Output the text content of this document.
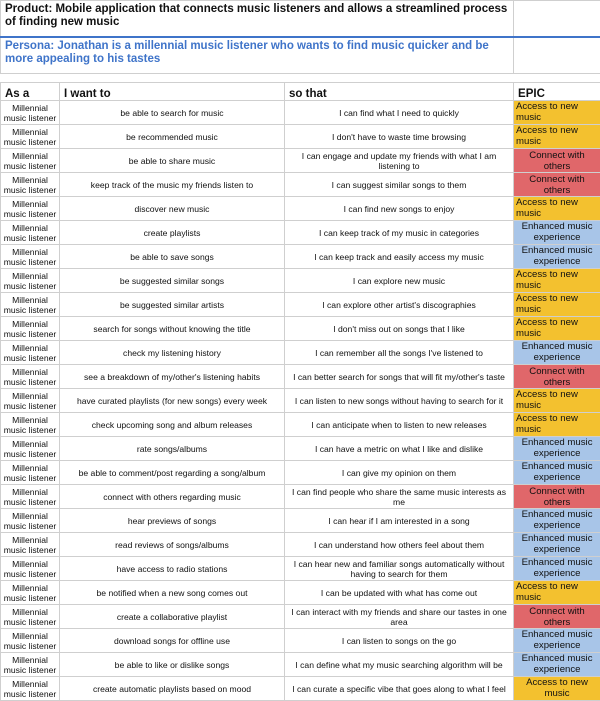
Product: Mobile application that connects music listeners and allows a streamlined process of finding new music			
Persona: Jonathan is a millennial music listener who wants to find music quicker and be more appealing to his tastes			

As a	I want to	so that	EPIC
Millennial music listener	be able to search for music	I can find what I need to quickly	Access to new music
Millennial music listener	be recommended music	I don't have to waste time browsing	Access to new music
Millennial music listener	be able to share music	I can engage and update my friends with what I am listening to	Connect with others
Millennial music listener	keep track of the music my friends listen to	I can suggest similar songs to them	Connect with others
Millennial music listener	discover new music	I can find new songs to enjoy	Access to new music
Millennial music listener	create playlists	I can keep track of my music in categories	Enhanced music experience
Millennial music listener	be able to save songs	I can keep track and easily access my music	Enhanced music experience
Millennial music listener	be suggested similar songs	I can explore new music	Access to new music
Millennial music listener	be suggested similar artists	I can explore other artist's discographies	Access to new music
Millennial music listener	search for songs without knowing the title	I don't miss out on songs that I like	Access to new music
Millennial music listener	check my listening history	I can remember all the songs I've listened to	Enhanced music experience
Millennial music listener	see a breakdown of my/other's listening habits	I can better search for songs that will fit my/other's taste	Connect with others
Millennial music listener	have curated playlists (for new songs) every week	I can listen to new songs without having to search for it	Access to new music
Millennial music listener	check upcoming song and album releases	I can anticipate when to listen to new releases	Access to new music
Millennial music listener	rate songs/albums	I can have a metric on what I like and dislike	Enhanced music experience
Millennial music listener	be able to comment/post regarding a song/album	I can give my opinion on them	Enhanced music experience
Millennial music listener	connect with others regarding music	I can find people who share the same music interests as me	Connect with others
Millennial music listener	hear previews of songs	I can hear if I am interested in a song	Enhanced music experience
Millennial music listener	read reviews of songs/albums	I can understand how others feel about them	Enhanced music experience
Millennial music listener	have access to radio stations	I can hear new and familiar songs automatically without having to search for them	Enhanced music experience
Millennial music listener	be notified when a new song comes out	I can be updated with what has come out	Access to new music
Millennial music listener	create a collaborative playlist	I can interact with my friends and share our tastes in one area	Connect with others
Millennial music listener	download songs for offline use	I can listen to songs on the go	Enhanced music experience
Millennial music listener	be able to like or dislike songs	I can define what my music searching algorithm will be	Enhanced music experience
Millennial music listener	create automatic playlists based on mood	I can curate a specific vibe that goes along to what I feel	Access to new music
